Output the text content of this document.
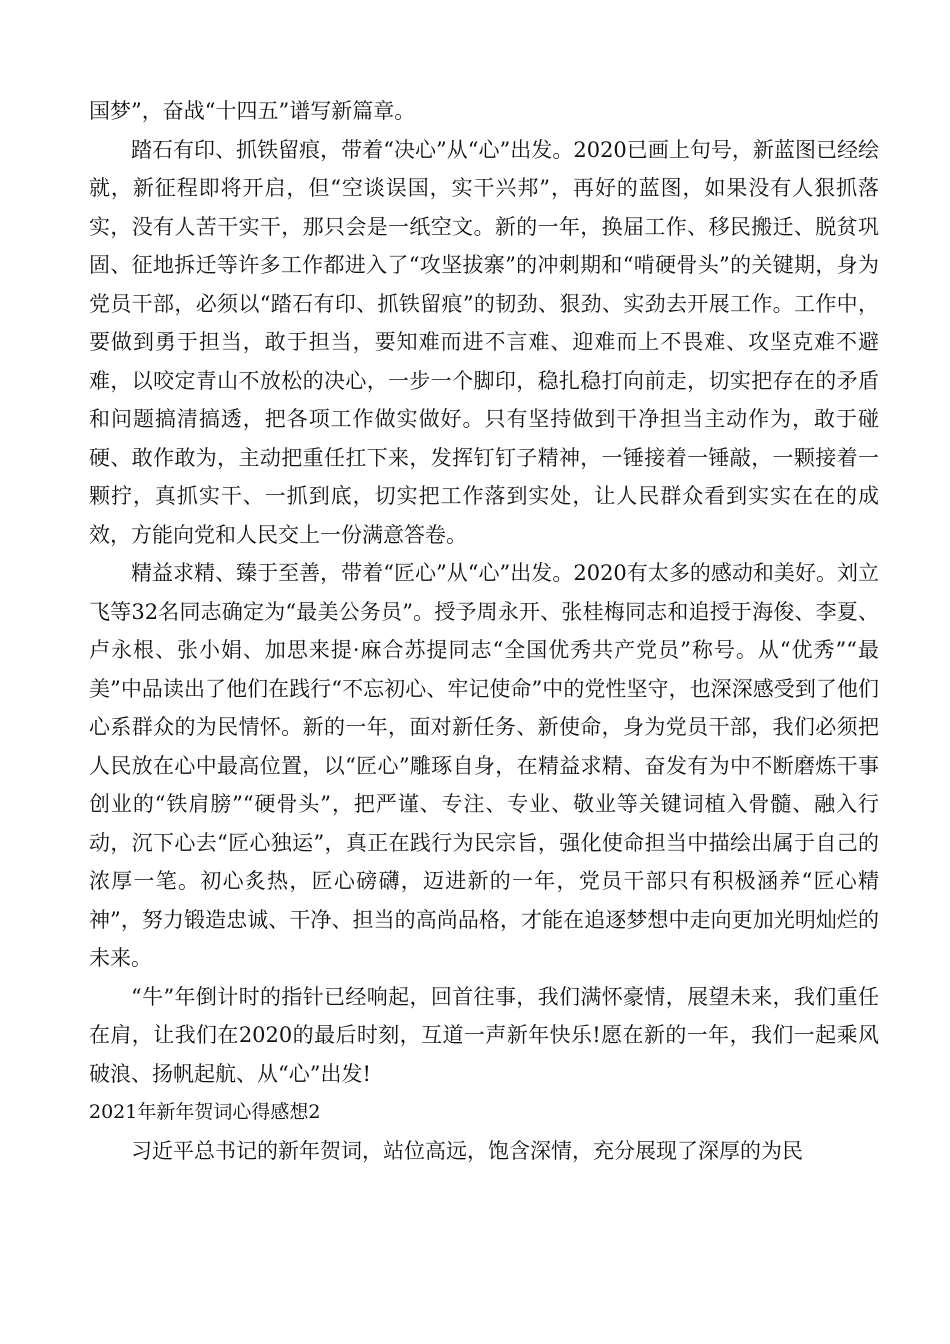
国梦”，奋战“十四五”谱写新篇章。

踏石有印、抓铁留痕，带着“决心”从“心”出发。2020已画上句号，新蓝图已经绘就，新征程即将开启，但“空谈误国，实干兴邦”，再好的蓝图，如果没有人狠抓落实，没有人苦干实干，那只会是一纸空文。新的一年，换届工作、移民搬迁、脱贫巩固、征地拆迁等许多工作都进入了“攻坚拔寨”的冲刺期和“啃硬骨头”的关键期，身为党员干部，必须以“踏石有印、抓铁留痕”的韧劲、狠劲、实劲去开展工作。工作中，要做到勇于担当，敢于担当，要知难而进不言难、迎难而上不畏难、攻坚克难不避难，以咬定青山不放松的决心，一步一个脚印，稳扎稳打向前走，切实把存在的矛盾和问题搞清搞透，把各项工作做实做好。只有坚持做到干净担当主动作为，敢于碰硬、敢作敢为，主动把重任扛下来，发挥钉钉子精神，一锤接着一锤敲，一颗接着一颗拧，真抓实干、一抓到底，切实把工作落到实处，让人民群众看到实实在在的成效，方能向党和人民交上一份满意答卷。

精益求精、臻于至善，带着“匠心”从“心”出发。2020有太多的感动和美好。刘立飞等32名同志确定为“最美公务员”。授予周永开、张桂梅同志和追授于海俊、李夏、卢永根、张小娟、加思来提·麻合苏提同志“全国优秀共产党员”称号。从“优秀”“最美”中品读出了他们在践行“不忘初心、牢记使命”中的党性坚守，也深深感受到了他们心系群众的为民情怀。新的一年，面对新任务、新使命，身为党员干部，我们必须把人民放在心中最高位置，以“匠心”雕琢自身，在精益求精、奋发有为中不断磨炼干事创业的“铁肩膀”“硬骨头”，把严谨、专注、专业、敬业等关键词植入骨髓、融入行动，沉下心去“匠心独运”，真正在践行为民宗旨，强化使命担当中描绘出属于自己的浓厚一笔。初心炙热，匠心磅礴，迈进新的一年，党员干部只有积极涵养“匠心精神”，努力锻造忠诚、干净、担当的高尚品格，才能在追逐梦想中走向更加光明灿烂的未来。

“牛”年倒计时的指针已经响起，回首往事，我们满怀豪情，展望未来，我们重任在肩，让我们在2020的最后时刻，互道一声新年快乐!愿在新的一年，我们一起乘风破浪、扬帆起航、从“心”出发!

2021年新年贺词心得感想2

习近平总书记的新年贺词，站位高远，饱含深情，充分展现了深厚的为民
